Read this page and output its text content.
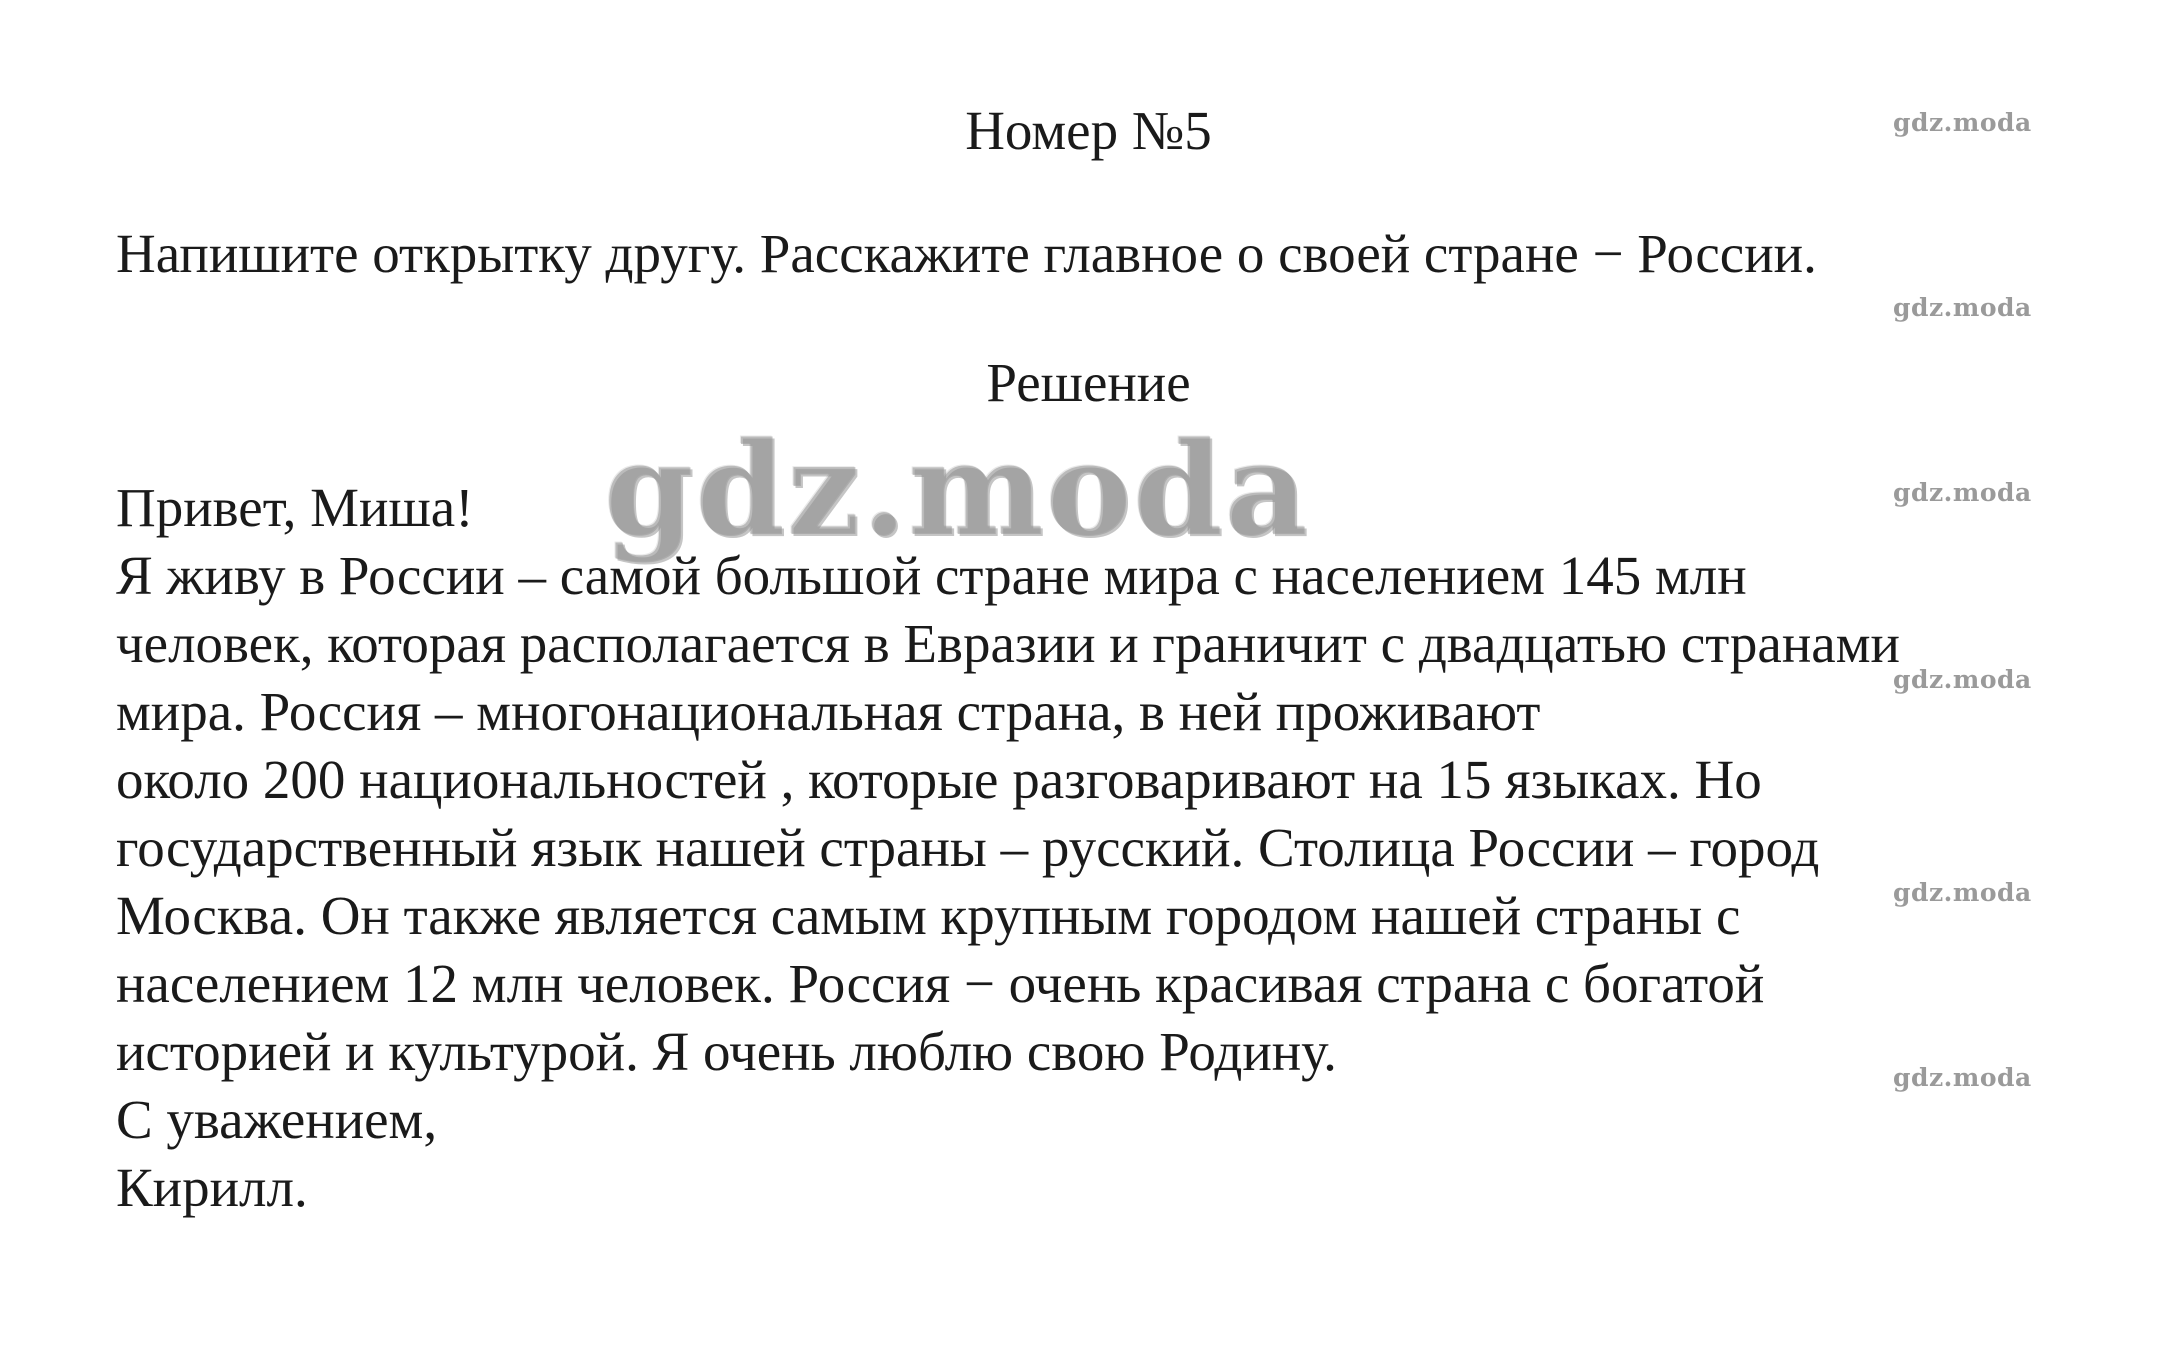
Номер №5
Напишите открытку другу. Расскажите главное о своей стране − России.
Решение
gdz.moda
Привет, Миша!
Я живу в России – самой большой стране мира с населением 145 млн
человек, которая располагается в Евразии и граничит с двадцатью странами
мира. Россия – многонациональная страна, в ней проживают
около 200 национальностей , которые разговаривают на 15 языках. Но
государственный язык нашей страны – русский. Столица России – город
Москва. Он также является самым крупным городом нашей страны с
населением 12 млн человек. Россия − очень красивая страна с богатой
историей и культурой. Я очень люблю свою Родину.
С уважением,
Кирилл.
gdz.moda
gdz.moda
gdz.moda
gdz.moda
gdz.moda
gdz.moda
